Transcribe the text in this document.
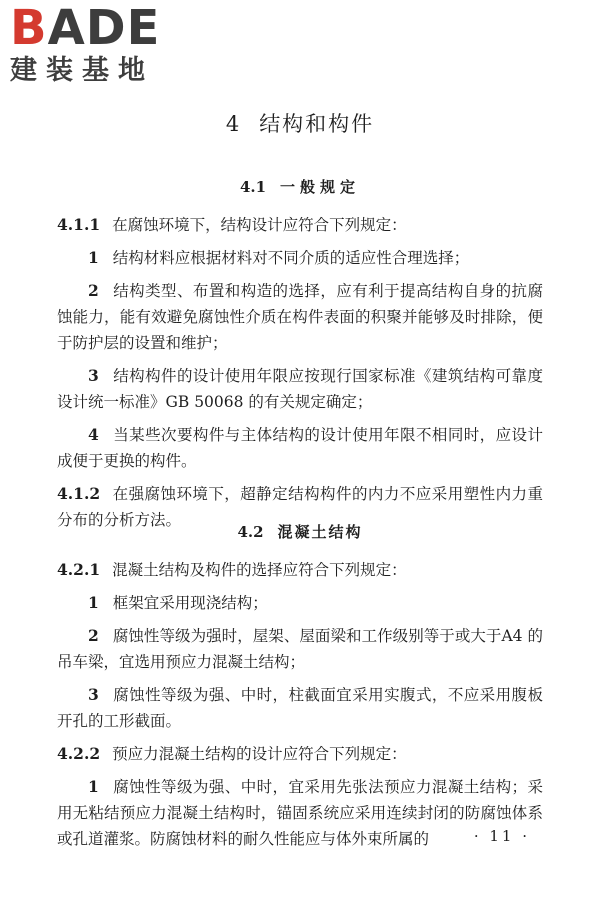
BADE
建装基地
4 结构和构件
4.1 一般规定

4.1.1 在腐蚀环境下，结构设计应符合下列规定：

1 结构材料应根据材料对不同介质的适应性合理选择；

2 结构类型、布置和构造的选择，应有利于提高结构自身的抗腐蚀能力，能有效避免腐蚀性介质在构件表面的积聚并能够及时排除，便于防护层的设置和维护；

3 结构构件的设计使用年限应按现行国家标准《建筑结构可靠度设计统一标准》GB 50068 的有关规定确定；

4 当某些次要构件与主体结构的设计使用年限不相同时，应设计成便于更换的构件。

4.1.2 在强腐蚀环境下，超静定结构构件的内力不应采用塑性内力重分布的分析方法。

4.2 混凝土结构

4.2.1 混凝土结构及构件的选择应符合下列规定：

1 框架宜采用现浇结构；

2 腐蚀性等级为强时，屋架、屋面梁和工作级别等于或大于A4 的吊车梁，宜选用预应力混凝土结构；

3 腐蚀性等级为强、中时，柱截面宜采用实腹式，不应采用腹板开孔的工形截面。

4.2.2 预应力混凝土结构的设计应符合下列规定：

1 腐蚀性等级为强、中时，宜采用先张法预应力混凝土结构；采用无粘结预应力混凝土结构时，锚固系统应采用连续封闭的防腐蚀体系或孔道灌浆。防腐蚀材料的耐久性能应与体外束所属的	· 11 ·
